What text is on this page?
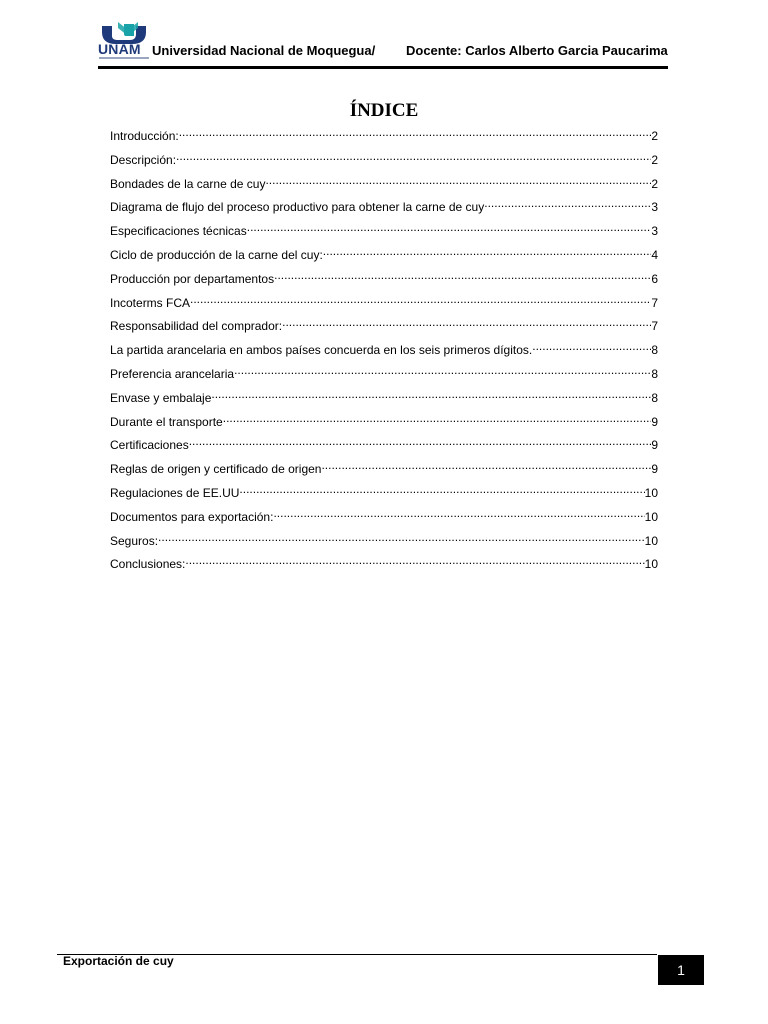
UNAM Universidad Nacional de Moquegua/ Docente: Carlos Alberto Garcia Paucarima
ÍNDICE
Introducción: .....	2
Descripción: .....	2
Bondades de la carne de cuy .....	2
Diagrama de flujo del proceso productivo para obtener la carne de cuy .....	3
Especificaciones técnicas .....	3
Ciclo de producción de la carne del cuy: .....	4
Producción por departamentos .....	6
Incoterms FCA .....	7
Responsabilidad del comprador: .....	7
La partida arancelaria en ambos países concuerda en los seis primeros dígitos. .....	8
Preferencia arancelaria .....	8
Envase y embalaje .....	8
Durante el transporte .....	9
Certificaciones .....	9
Reglas de origen y certificado de origen .....	9
Regulaciones de EE.UU .....	10
Documentos para exportación: .....	10
Seguros: .....	10
Conclusiones: .....	10
Exportación de cuy
1
